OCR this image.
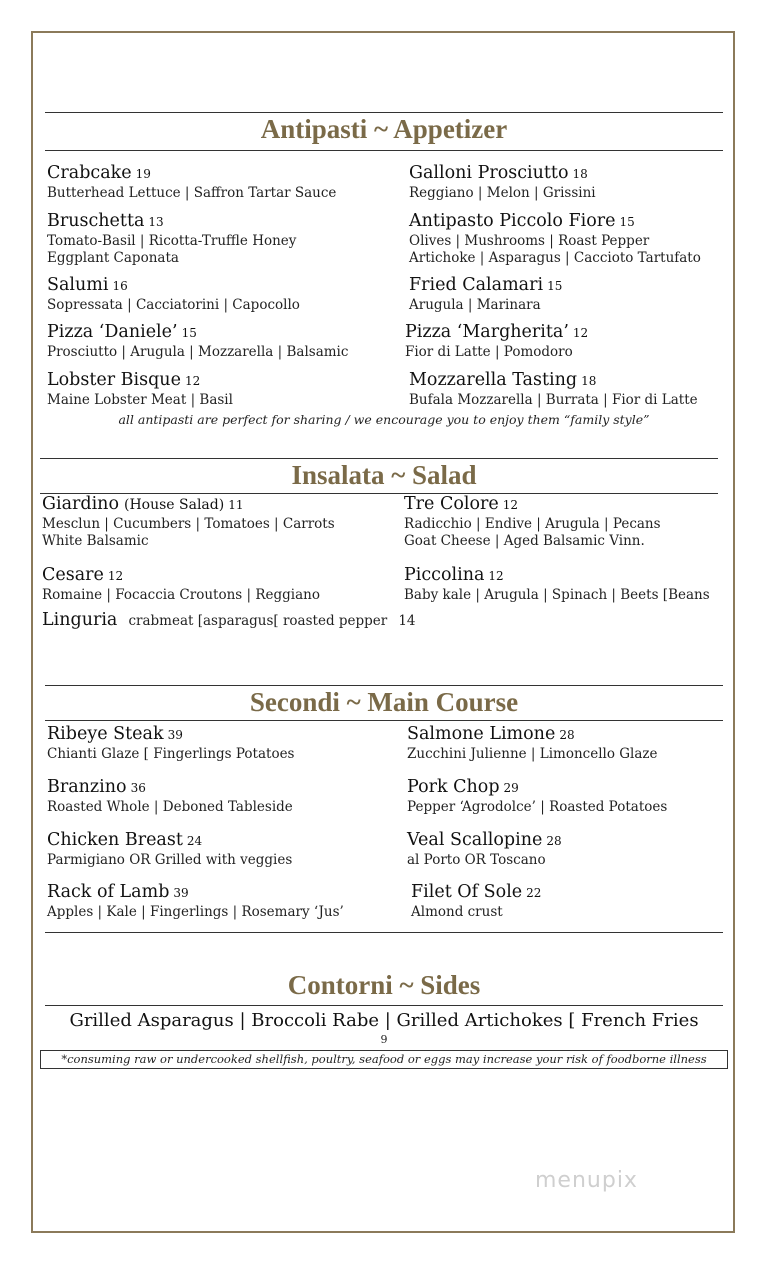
Antipasti ~ Appetizer
Crabcake 19
Butterhead Lettuce | Saffron Tartar Sauce
Galloni Prosciutto 18
Reggiano | Melon | Grissini
Bruschetta 13
Tomato-Basil | Ricotta-Truffle Honey
Eggplant Caponata
Antipasto Piccolo Fiore 15
Olives | Mushrooms | Roast Pepper
Artichoke | Asparagus | Caccioto Tartufato
Salumi 16
Sopressata | Cacciatorini | Capocollo
Fried Calamari 15
Arugula | Marinara
Pizza ‘Daniele’ 15
Prosciutto | Arugula | Mozzarella | Balsamic
Pizza ‘Margherita’ 12
Fior di Latte | Pomodoro
Lobster Bisque 12
Maine Lobster Meat | Basil
Mozzarella Tasting 18
Bufala Mozzarella | Burrata | Fior di Latte
all antipasti are perfect for sharing / we encourage you to enjoy them “family style”
Insalata ~ Salad
Giardino (House Salad) 11
Mesclun | Cucumbers | Tomatoes | Carrots
White Balsamic
Tre Colore 12
Radicchio | Endive | Arugula | Pecans
Goat Cheese | Aged Balsamic Vinn.
Cesare 12
Romaine | Focaccia Croutons | Reggiano
Piccolina 12
Baby kale | Arugula | Spinach | Beets [Beans
Linguria crabmeat [asparagus[ roasted pepper 14
Secondi ~ Main Course
Ribeye Steak 39
Chianti Glaze [ Fingerlings Potatoes
Salmone Limone 28
Zucchini Julienne | Limoncello Glaze
Branzino 36
Roasted Whole | Deboned Tableside
Pork Chop 29
Pepper ‘Agrodolce’ | Roasted Potatoes
Chicken Breast 24
Parmigiano OR Grilled with veggies
Veal Scallopine 28
al Porto OR Toscano
Rack of Lamb 39
Apples | Kale | Fingerlings | Rosemary ‘Jus’
Filet Of Sole 22
Almond crust
Contorni ~ Sides
Grilled Asparagus | Broccoli Rabe | Grilled Artichokes [ French Fries
9
*consuming raw or undercooked shellfish, poultry, seafood or eggs may increase your risk of foodborne illness
menupix
